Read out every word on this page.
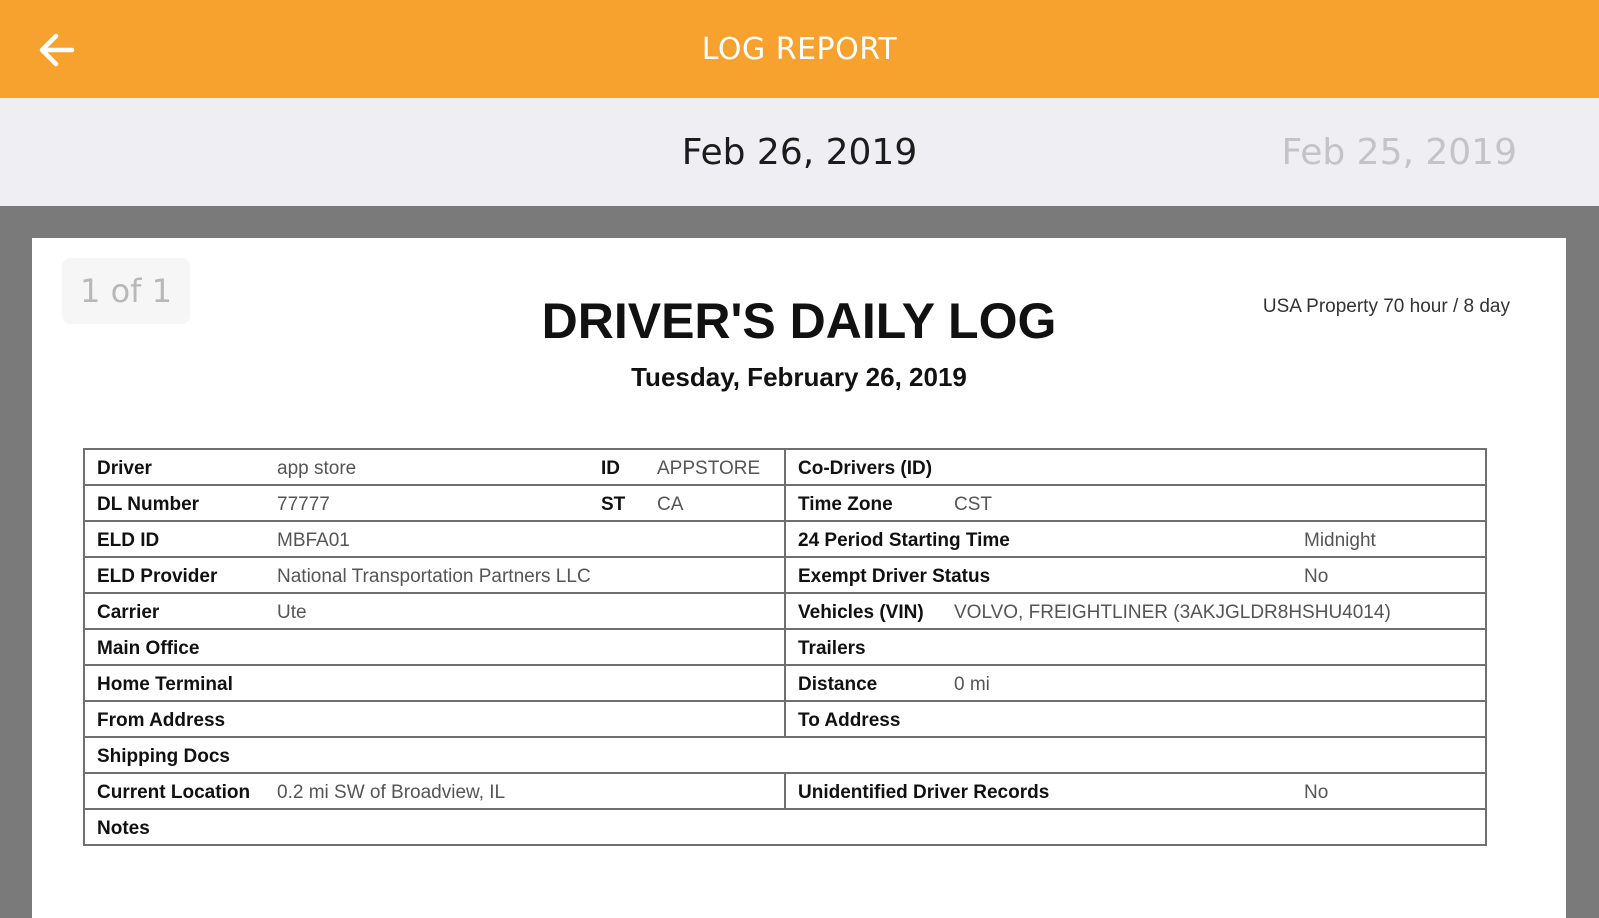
LOG REPORT
Feb 26, 2019	Feb 25, 2019
1 of 1	USA Property 70 hour / 8 day
DRIVER'S DAILY LOG
Tuesday, February 26, 2019
Driver app store ID APPSTORE	Co-Drivers (ID)

DL Number 77777 ST CA	Time Zone CST

ELD ID MBFA01	24 Period Starting Time Midnight

ELD Provider National Transportation Partners LLC	Exempt Driver Status No

Carrier Ute	Vehicles (VIN) VOLVO, FREIGHTLINER (3AKJGLDR8HSHU4014)

Main Office	Trailers

Home Terminal	Distance 0 mi

From Address	To Address

Shipping Docs	

Current Location 0.2 mi SW of Broadview, IL	Unidentified Driver Records No

Notes	
